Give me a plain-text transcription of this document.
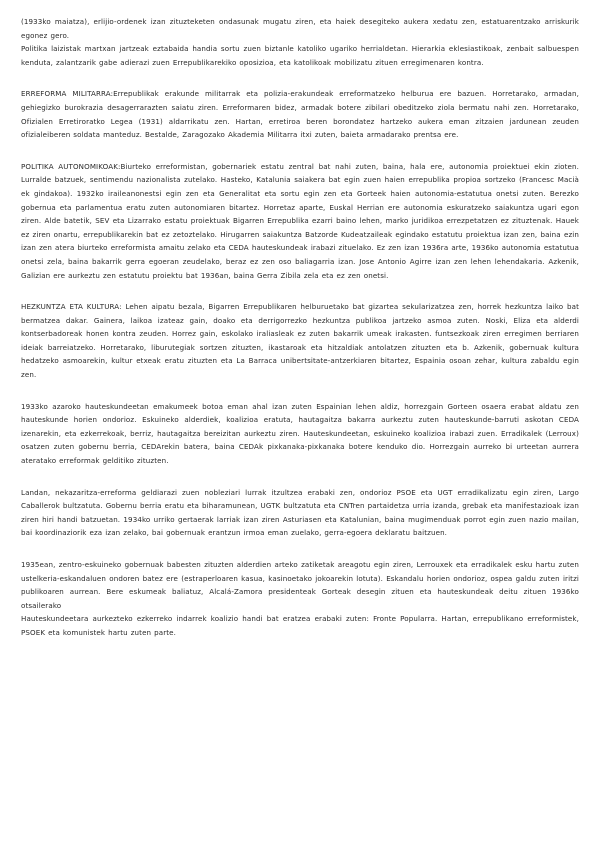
(1933ko maiatza), erlijio-ordenek izan zituzteketen ondasunak mugatu ziren, eta haiek desegiteko aukera xedatu zen, estatuarentzako arriskurik egonez gero.
Politika laizistak martxan jartzeak eztabaida handia sortu zuen biztanle katoliko ugariko herrialdetan. Hierarkia eklesiastikoak, zenbait salbuespen kenduta, zalantzarik gabe adierazi zuen Errepublikarekiko oposizioa, eta katolikoak mobilizatu zituen erregimenaren kontra.

ERREFORMA MILITARRA:Errepublikak erakunde militarrak eta polizia-erakundeak erreformatzeko helburua ere bazuen. Horretarako, armadan, gehiegizko burokrazia desagerrarazten saiatu ziren. Erreformaren bidez, armadak botere zibilari obeditzeko ziola bermatu nahi zen. Horretarako, Ofizialen Erretiroratko Legea (1931) aldarrikatu zen. Hartan, erretiroa beren borondatez hartzeko aukera eman zitzaien jardunean zeuden ofizialeiberen soldata manteduz. Bestalde, Zaragozako Akademia Militarra itxi zuten, baieta armadarako prentsa ere.

POLITIKA AUTONOMIKOAK:Biurteko erreformistan, gobernariek estatu zentral bat nahi zuten, baina, hala ere, autonomia proiektuei ekin zioten. Lurralde batzuek, sentimendu nazionalista zutelako. Hasteko, Katalunia saiakera bat egin zuen haien errepublika propioa sortzeko (Francesc Macià ek gindakoa). 1932ko iraileanonestsi egin zen eta Generalitat eta sortu egin zen eta Gorteek haien autonomia-estatutua onetsi zuten. Berezko gobernua eta parlamentua eratu zuten autonomiaren bitartez. Horretaz aparte, Euskal Herrian ere autonomia eskuratzeko saiakuntza ugari egon ziren. Alde batetik, SEV eta Lizarrako estatu proiektuak Bigarren Errepublika ezarri baino lehen, marko juridikoa errezpetatzen ez zituztenak. Hauek ez ziren onartu, errepublikarekin bat ez zetoztelako. Hirugarren saiakuntza Batzorde Kudeatzaileak egindako estatutu proiektua izan zen, baina ezin izan zen atera biurteko erreformista amaitu zelako eta CEDA hauteskundeak irabazi zituelako. Ez zen izan 1936ra arte, 1936ko autonomia estatutua onetsi zela, baina bakarrik gerra egoeran zeudelako, beraz ez zen oso baliagarria izan. Jose Antonio Agirre izan zen lehen lehendakaria. Azkenik, Galizian ere aurkeztu zen estatutu proiektu bat 1936an, baina Gerra Zibila zela eta ez zen onetsi.

HEZKUNTZA ETA KULTURA: Lehen aipatu bezala, Bigarren Errepublikaren helburuetako bat gizartea sekularizatzea zen, horrek hezkuntza laiko bat bermatzea dakar. Gainera, laikoa izateaz gain, doako eta derrigorrezko hezkuntza publikoa jartzeko asmoa zuten. Noski, Eliza eta alderdi kontserbadoreak honen kontra zeuden. Horrez gain, eskolako iraliasleak ez zuten bakarrik umeak irakasten. funtsezkoak ziren erregimen berriaren ideiak barreiatzeko. Horretarako, liburutegiak sortzen zituzten, ikastaroak eta hitzaldiak antolatzen zituzten eta b. Azkenik, gobernuak kultura hedatzeko asmoarekin, kultur etxeak eratu zituzten eta La Barraca unibertsitate-antzerkiaren bitartez, Espainia osoan zehar, kultura zabaldu egin zen.

1933ko azaroko hauteskundeetan emakumeek botoa eman ahal izan zuten Espainian lehen aldiz, horrezgain Gorteen osaera erabat aldatu zen hauteskunde horien ondorioz. Eskuineko alderdiek, koalizioa eratuta, hautagaitza bakarra aurkeztu zuten hauteskunde-barruti askotan CEDA izenarekin, eta ezkerrekoak, berriz, hautagaitza bereizitan aurkeztu ziren. Hauteskundeetan, eskuineko koalizioa irabazi zuen. Erradikalek (Lerroux) osatzen zuten gobernu berria, CEDArekin batera, baina CEDAk pixkanaka-pixkanaka botere kenduko dio. Horrezgain aurreko bi urteetan aurrera ateratako erreformak gelditiko zituzten.

Landan, nekazaritza-erreforma geldiarazi zuen nobleziari lurrak itzultzea erabaki zen, ondorioz PSOE eta UGT erradikalizatu egin ziren, Largo Caballerok bultzatuta. Gobernu berria eratu eta biharamunean, UGTK bultzatuta eta CNTren partaidetza urria izanda, grebak eta manifestazioak izan ziren hiri handi batzuetan. 1934ko urriko gertaerak larriak izan ziren Asturiasen eta Katalunian, baina mugimenduak porrot egin zuen nazio mailan, bai koordinaziorik eza izan zelako, bai gobernuak erantzun irmoa eman zuelako, gerra-egoera deklaratu baitzuen.

1935ean, zentro-eskuineko gobernuak babesten zituzten alderdien arteko zatiketak areagotu egin ziren, Lerrouxek eta erradikalek esku hartu zuten ustelkeria-eskandaluen ondoren batez ere (estraperloaren kasua, kasinoetako jokoarekin lotuta). Eskandalu horien ondorioz, ospea galdu zuten iritzi publikoaren aurrean. Bere eskumeak baliatuz, Alcalá-Zamora presidenteak Gorteak desegin zituen eta hauteskundeak deitu zituen 1936ko otsailerako
Hauteskundeetara aurkezteko ezkerreko indarrek koalizio handi bat eratzea erabaki zuten: Fronte Popularra. Hartan, errepublikano erreformistek, PSOEK eta komunistek hartu zuten parte.
